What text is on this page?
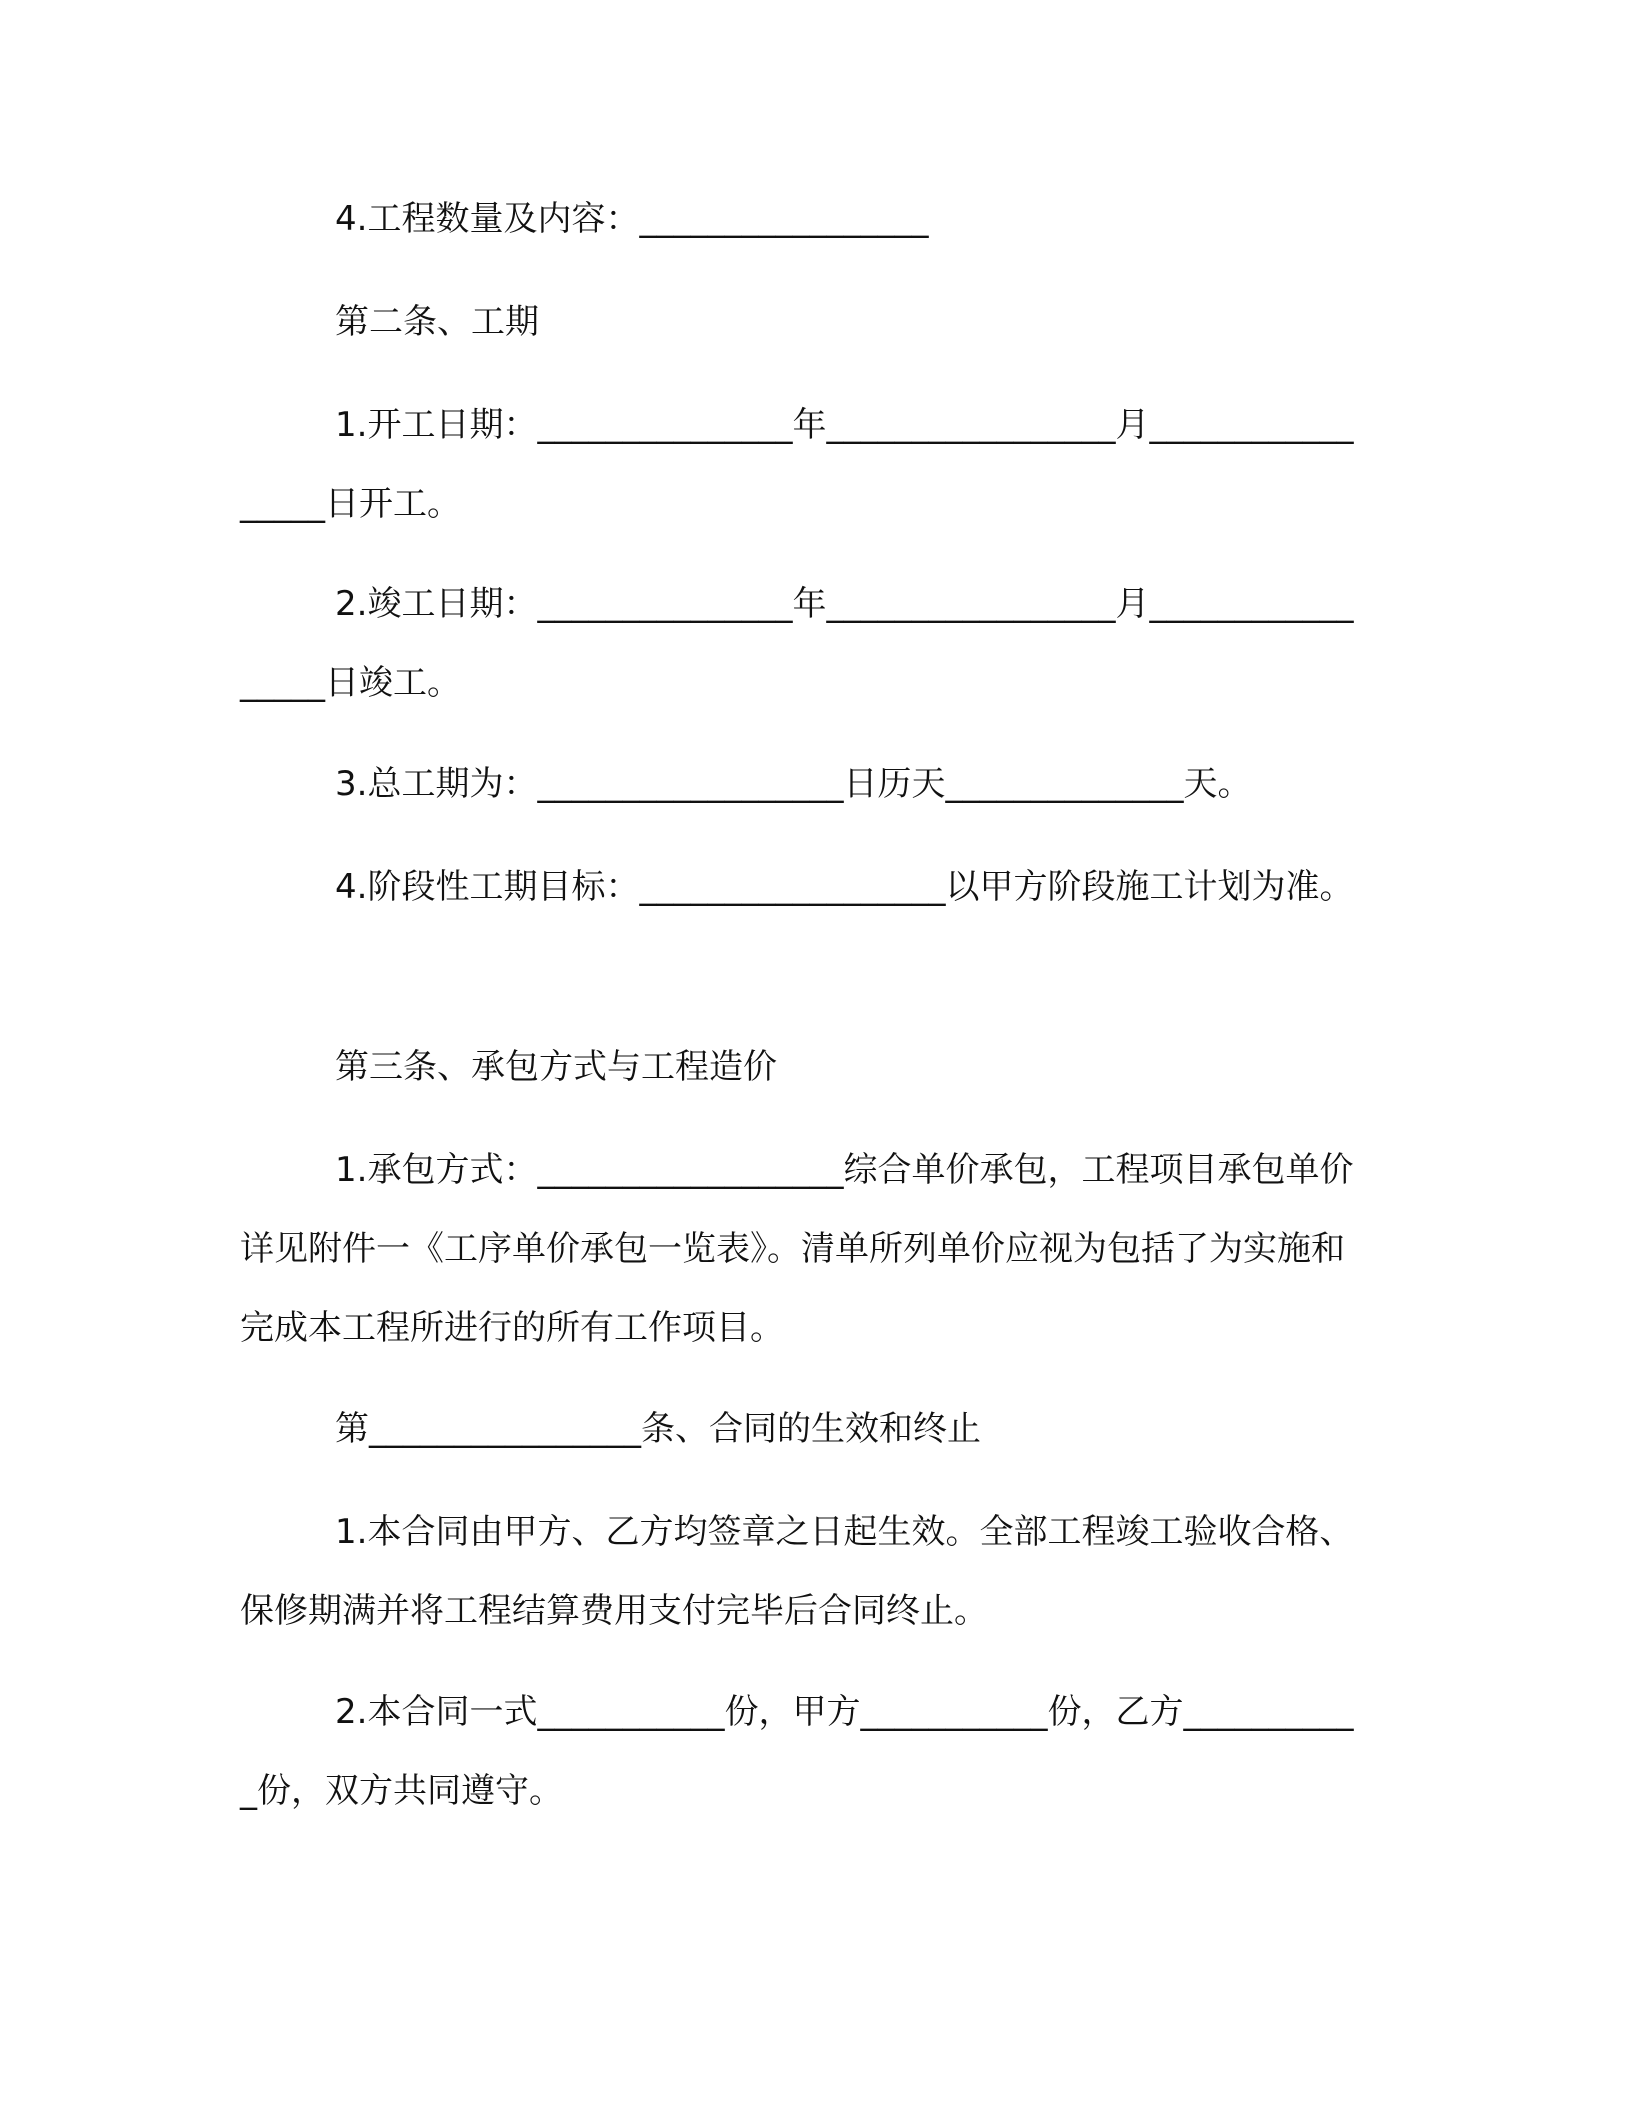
4.工程数量及内容：_________________

第二条、工期

1.开工日期：_______________年_________________月_________________日开工。

2.竣工日期：_______________年_________________月_________________日竣工。

3.总工期为：__________________日历天______________天。

4.阶段性工期目标：__________________以甲方阶段施工计划为准。

第三条、承包方式与工程造价

1.承包方式：__________________综合单价承包，工程项目承包单价详见附件一《工序单价承包一览表》。清单所列单价应视为包括了为实施和完成本工程所进行的所有工作项目。

第________________条、合同的生效和终止

1.本合同由甲方、乙方均签章之日起生效。全部工程竣工验收合格、保修期满并将工程结算费用支付完毕后合同终止。

2.本合同一式___________份，甲方___________份，乙方___________份，双方共同遵守。
